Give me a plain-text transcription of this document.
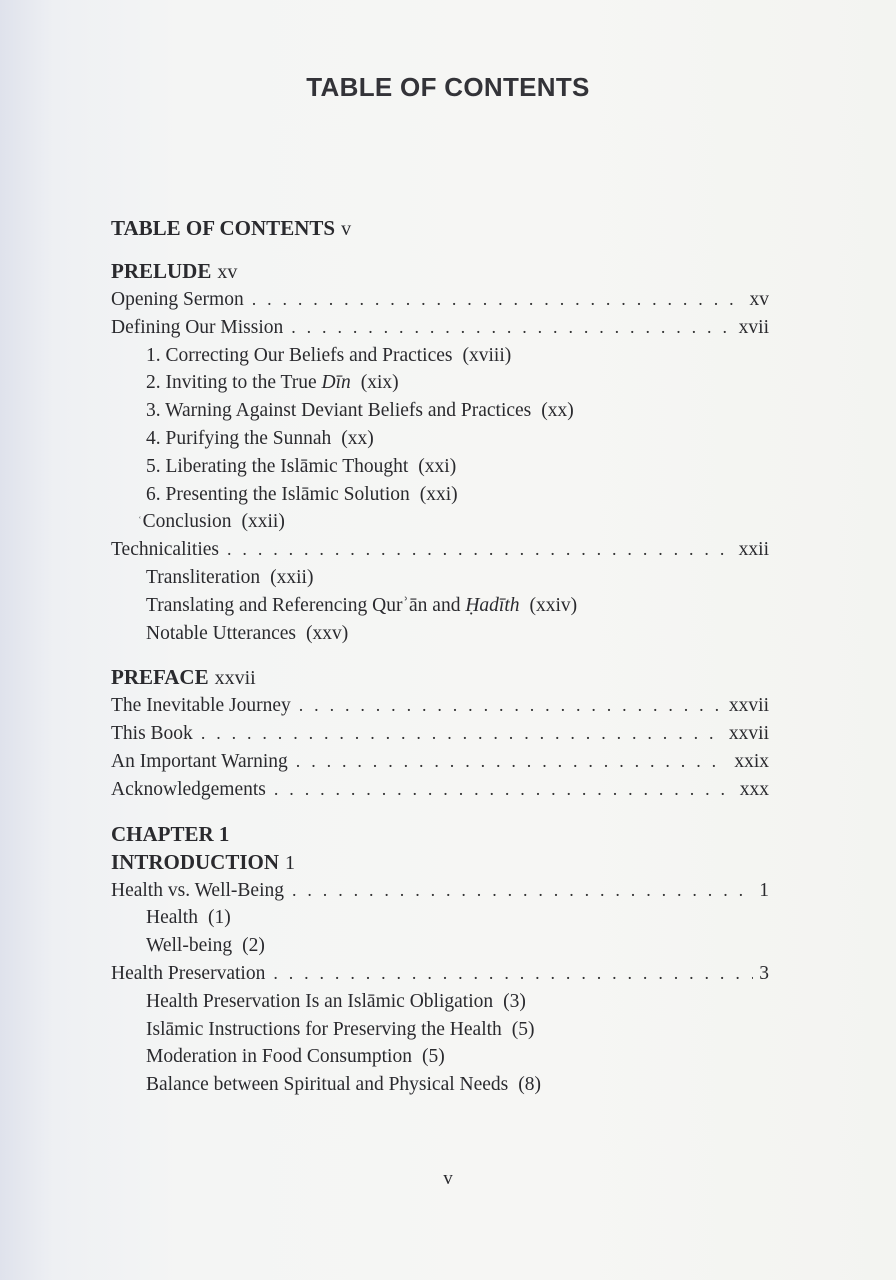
TABLE OF CONTENTS
TABLE OF CONTENTS v
PRELUDE xv
Opening Sermon . . .	xv
Defining Our Mission . . .	xvii
1. Correcting Our Beliefs and Practices (xviii)
2. Inviting to the True Dīn (xix)
3. Warning Against Deviant Beliefs and Practices (xx)
4. Purifying the Sunnah (xx)
5. Liberating the Islāmic Thought (xxi)
6. Presenting the Islāmic Solution (xxi)
$^ʿ$Conclusion (xxii)
Technicalities . . .	xxii
Transliteration (xxii)
Translating and Referencing Qurʾān and Ḥadīth (xxiv)
Notable Utterances (xxv)
PREFACE xxvii
The Inevitable Journey . . .	xxvii
This Book . . .	xxvii
An Important Warning . . .	xxix
Acknowledgements . . .	xxx
CHAPTER 1
INTRODUCTION 1
Health vs. Well-Being . . .	1
Health (1)
Well-being (2)
Health Preservation . . .	3
Health Preservation Is an Islāmic Obligation (3)
Islāmic Instructions for Preserving the Health (5)
Moderation in Food Consumption (5)
Balance between Spiritual and Physical Needs (8)
v
